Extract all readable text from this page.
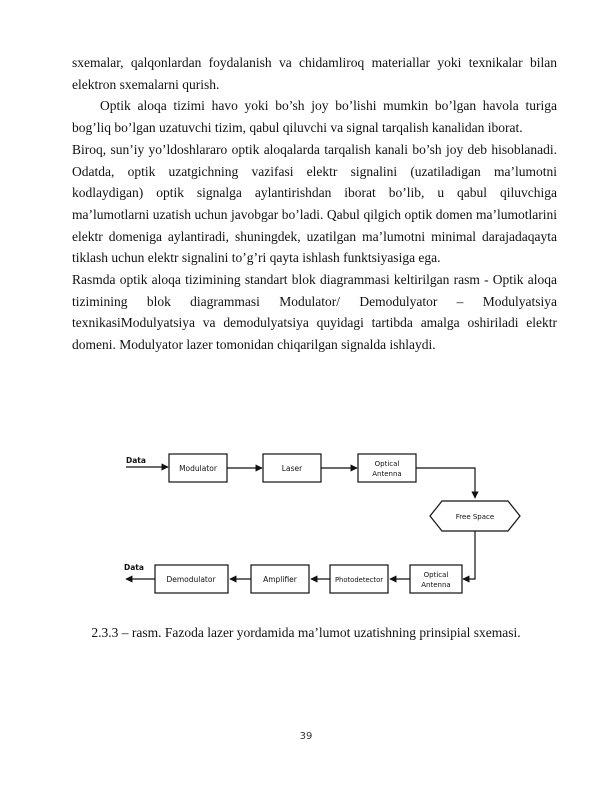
sxemalar, qalqonlardan foydalanish va chidamliroq materiallar yoki texnikalar bilan elektron sxemalarni qurish.

Optik aloqa tizimi havo yoki bo’sh joy bo’lishi mumkin bo’lgan havola turiga bog’liq bo’lgan uzatuvchi tizim, qabul qiluvchi va signal tarqalish kanalidan iborat.

Biroq, sun’iy yo’ldoshlararo optik aloqalarda tarqalish kanali bo’sh joy deb hisoblanadi. Odatda, optik uzatgichning vazifasi elektr signalini (uzatiladigan ma’lumotni kodlaydigan) optik signalga aylantirishdan iborat bo’lib, u qabul qiluvchiga ma’lumotlarni uzatish uchun javobgar bo’ladi. Qabul qilgich optik domen ma’lumotlarini elektr domeniga aylantiradi, shuningdek, uzatilgan ma’lumotni minimal darajadaqayta tiklash uchun elektr signalini to’g’ri qayta ishlash funktsiyasiga ega.

Rasmda optik aloqa tizimining standart blok diagrammasi keltirilgan rasm - Optik aloqa tizimining blok diagrammasi Modulator/ Demodulyator – Modulyatsiya texnikasiModulyatsiya va demodulyatsiya quyidagi tartibda amalga oshiriladi elektr domeni. Modulyator lazer tomonidan chiqarilgan signalda ishlaydi.

Data
Modulator	Laser	Optical
Antenna
Free Space
Optical
Antenna
Photodetector
Amplifier
Demodulator
Data
2.3.3 – rasm. Fazoda lazer yordamida ma’lumot uzatishning prinsipial sxemasi.
39
